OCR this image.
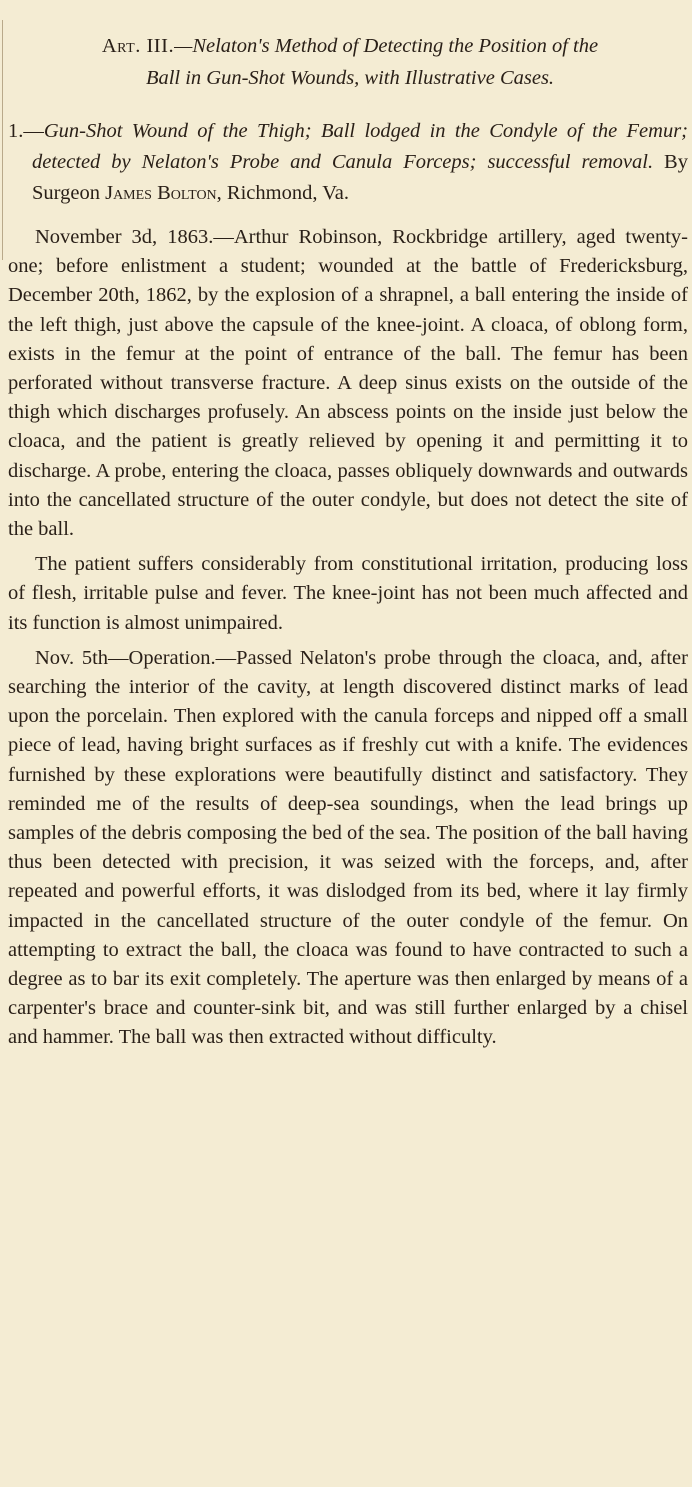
Art. III.—Nelaton's Method of Detecting the Position of the
Ball in Gun-Shot Wounds, with Illustrative Cases.
1.—Gun-Shot Wound of the Thigh; Ball lodged in the Condyle of the Femur; detected by Nelaton's Probe and Canula Forceps; successful removal. By Surgeon James Bolton, Richmond, Va.

November 3d, 1863.—Arthur Robinson, Rockbridge artillery, aged twenty-one; before enlistment a student; wounded at the battle of Fredericksburg, December 20th, 1862, by the explosion of a shrapnel, a ball entering the inside of the left thigh, just above the capsule of the knee-joint. A cloaca, of oblong form, exists in the femur at the point of entrance of the ball. The femur has been perforated without transverse fracture. A deep sinus exists on the outside of the thigh which discharges profusely. An abscess points on the inside just below the cloaca, and the patient is greatly relieved by opening it and permitting it to discharge. A probe, entering the cloaca, passes obliquely downwards and outwards into the cancellated structure of the outer condyle, but does not detect the site of the ball.

The patient suffers considerably from constitutional irritation, producing loss of flesh, irritable pulse and fever. The knee-joint has not been much affected and its function is almost unimpaired.

Nov. 5th—Operation.—Passed Nelaton's probe through the cloaca, and, after searching the interior of the cavity, at length discovered distinct marks of lead upon the porcelain. Then explored with the canula forceps and nipped off a small piece of lead, having bright surfaces as if freshly cut with a knife. The evidences furnished by these explorations were beautifully distinct and satisfactory. They reminded me of the results of deep-sea soundings, when the lead brings up samples of the debris composing the bed of the sea. The position of the ball having thus been detected with precision, it was seized with the forceps, and, after repeated and powerful efforts, it was dislodged from its bed, where it lay firmly impacted in the cancellated structure of the outer condyle of the femur. On attempting to extract the ball, the cloaca was found to have contracted to such a degree as to bar its exit completely. The aperture was then enlarged by means of a carpenter's brace and counter-sink bit, and was still further enlarged by a chisel and hammer. The ball was then extracted without difficulty.
